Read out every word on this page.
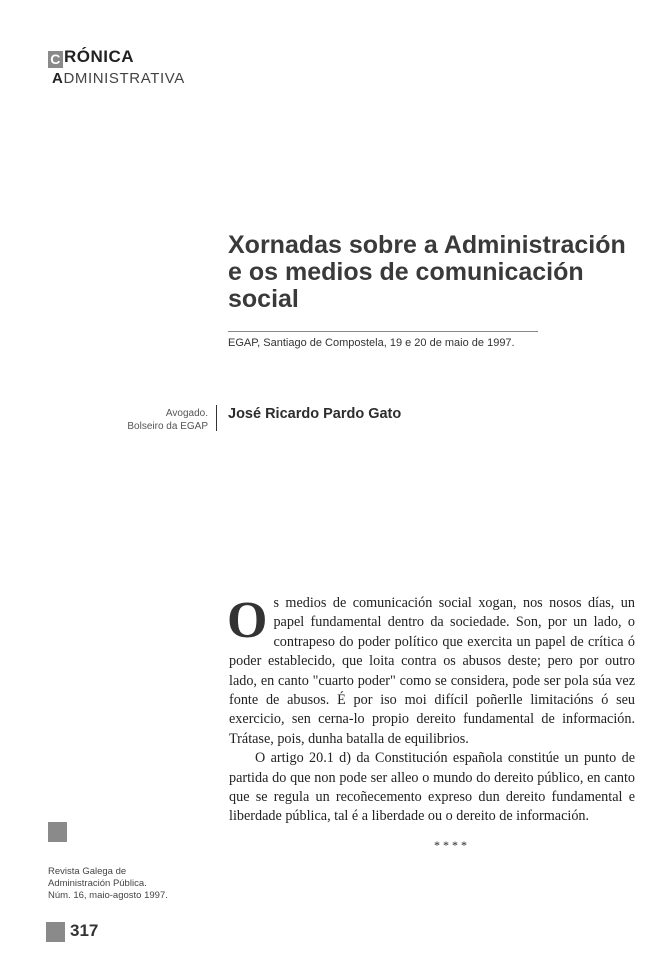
C RÓNICA
ADMINISTRATIVA
Xornadas sobre a Administración e os medios de comunicación social
EGAP, Santiago de Compostela, 19 e 20 de maio de 1997.
Avogado.
Bolseiro da EGAP
José Ricardo Pardo Gato

Os medios de comunicación social xogan, nos nosos días, un papel fundamental dentro da sociedade. Son, por un lado, o contrapeso do poder político que exercita un papel de crítica ó poder establecido, que loita contra os abusos deste; pero por outro lado, en canto "cuarto poder" como se considera, pode ser pola súa vez fonte de abusos. É por iso moi difícil poñerlle limitacións ó seu exercicio, sen cerna-lo propio dereito fundamental de información. Trátase, pois, dunha batalla de equilibrios.

O artigo 20.1 d) da Constitución española constitúe un punto de partida do que non pode ser alleo o mundo do dereito público, en canto que se regula un recoñecemento expreso dun dereito fundamental e liberdade pública, tal é a liberdade ou o dereito de información.

****
Revista Galega de
Administración Pública.
Núm. 16, maio-agosto 1997.
317
